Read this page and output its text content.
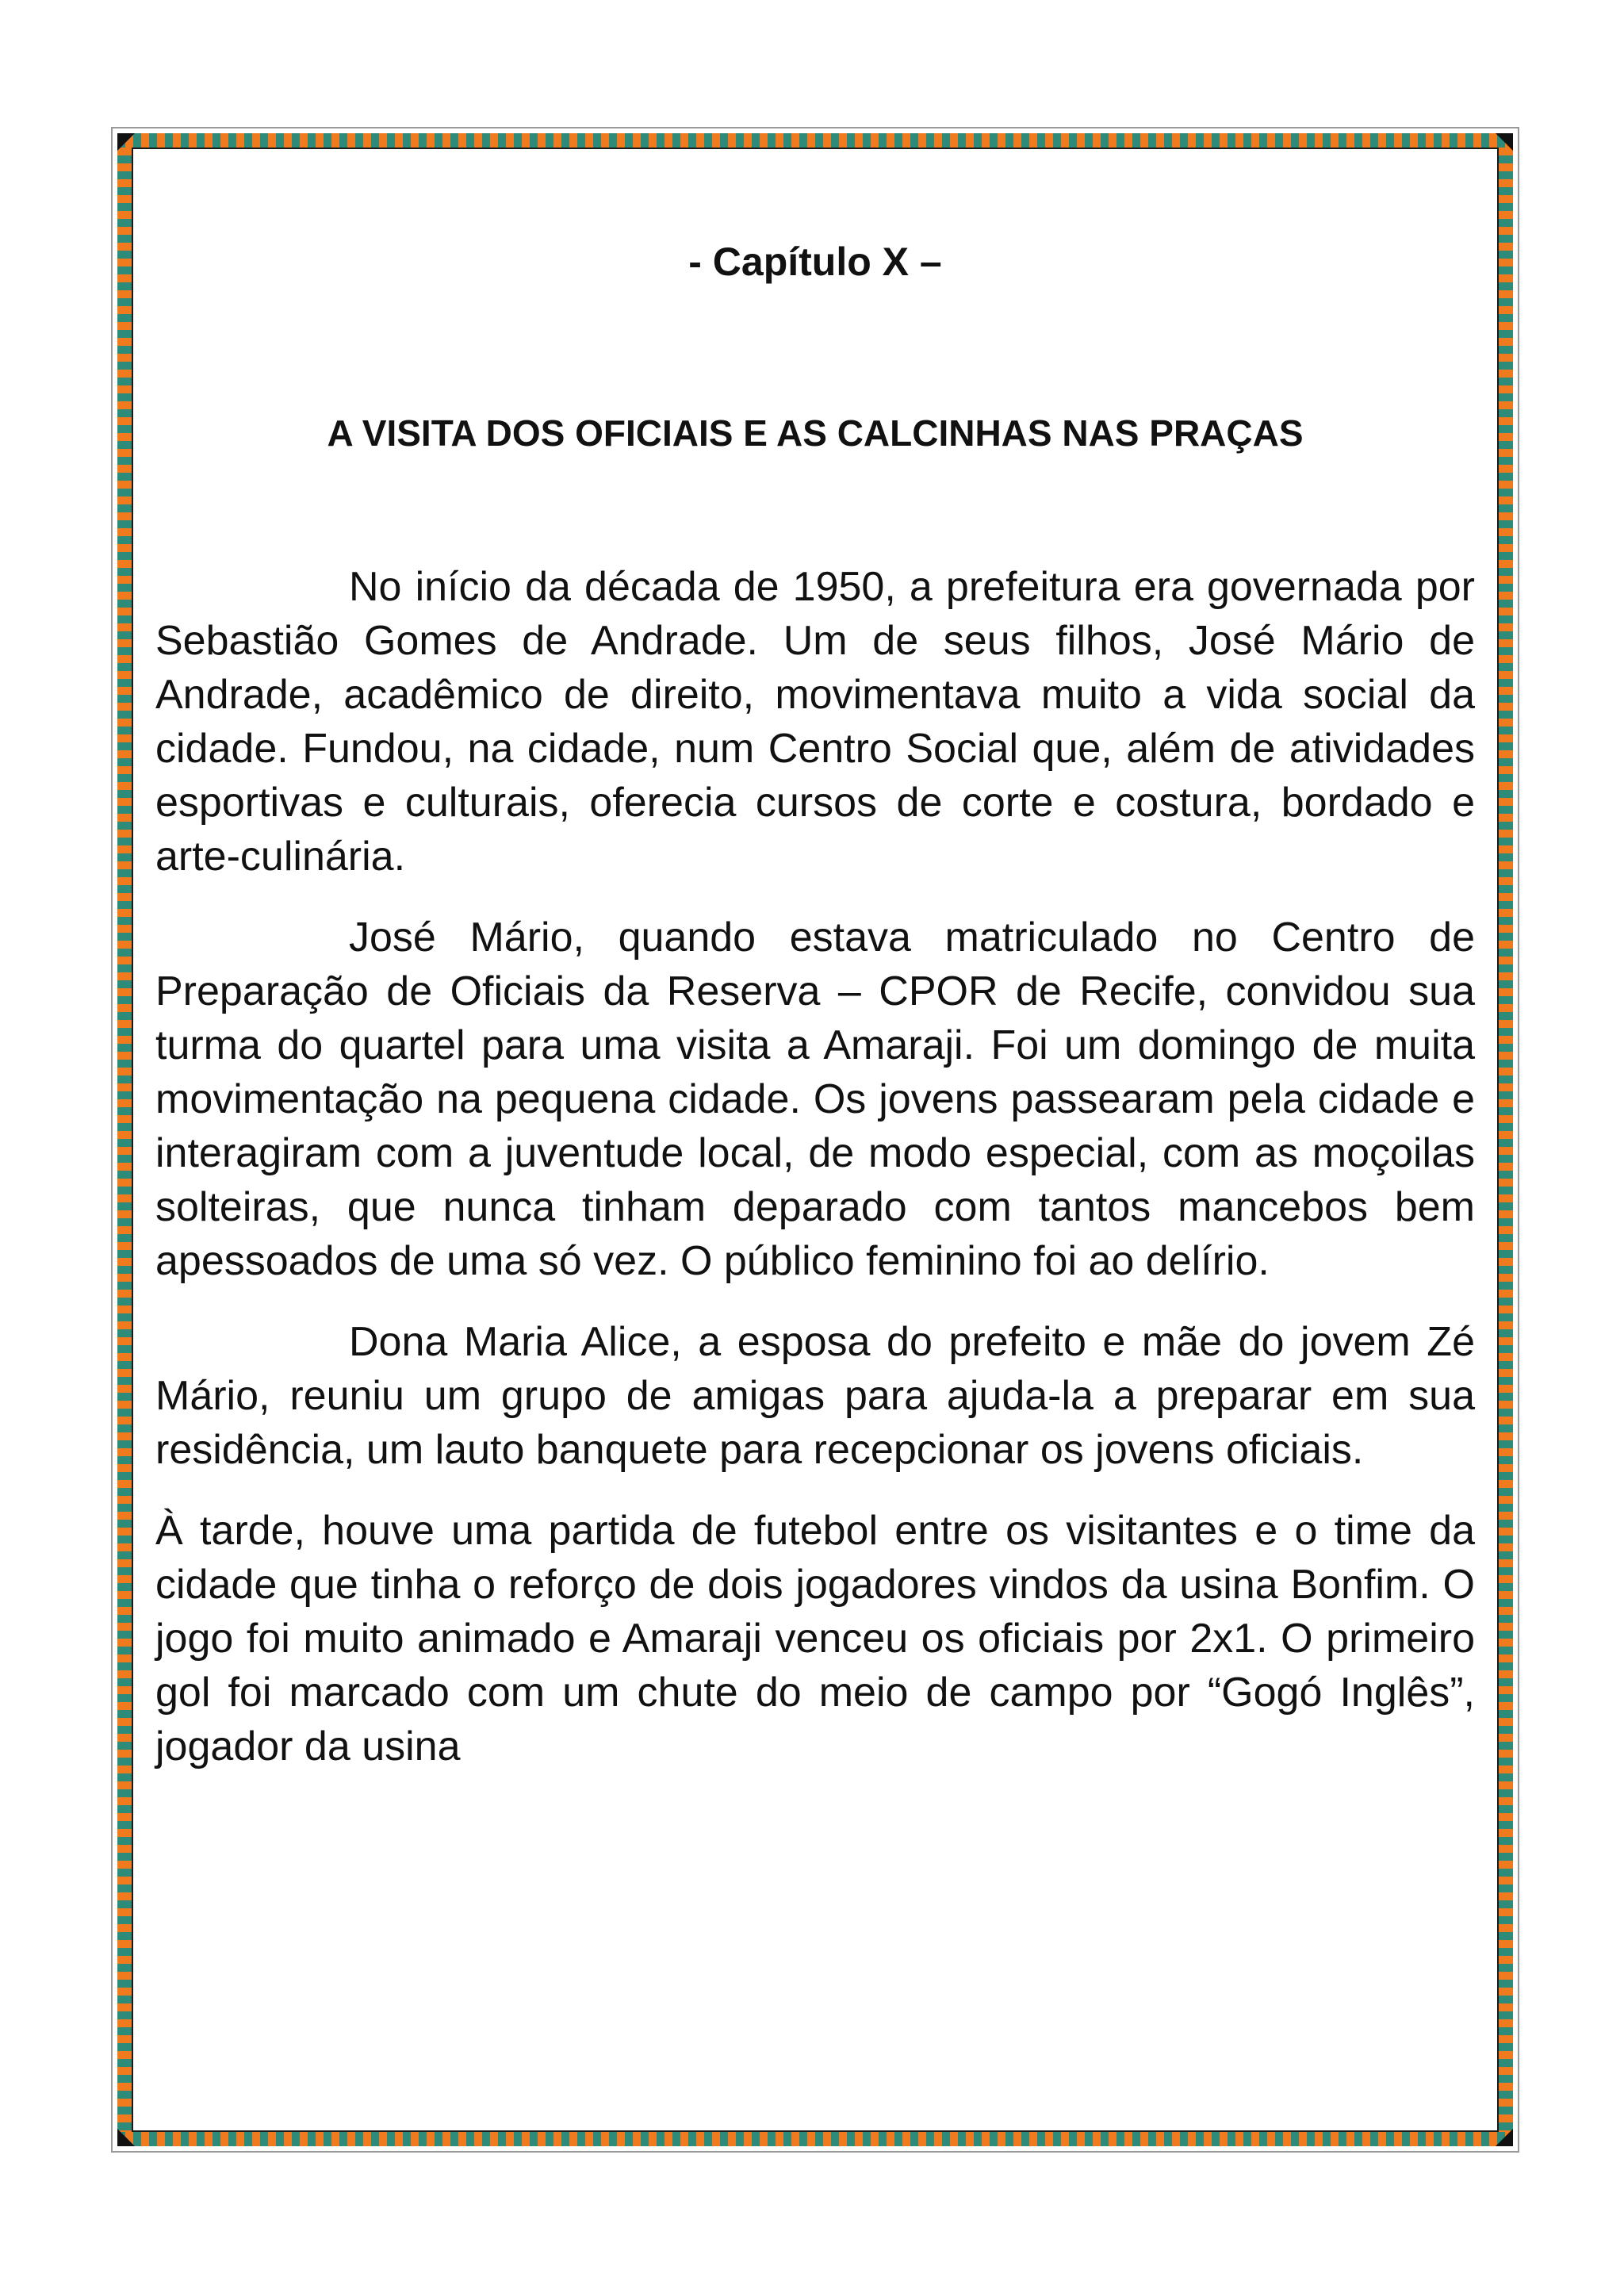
- Capítulo X –
A VISITA DOS OFICIAIS E AS CALCINHAS NAS PRAÇAS

No início da década de 1950, a prefeitura era governada por Sebastião Gomes de Andrade. Um de seus filhos, José Mário de Andrade, acadêmico de direito, movimentava muito a vida social da cidade. Fundou, na cidade, num Centro Social que, além de atividades esportivas e culturais, oferecia cursos de corte e costura, bordado e arte-culinária.

José Mário, quando estava matriculado no Centro de Preparação de Oficiais da Reserva – CPOR de Recife, convidou sua turma do quartel para uma visita a Amaraji. Foi um domingo de muita movimentação na pequena cidade. Os jovens passearam pela cidade e interagiram com a juventude local, de modo especial, com as moçoilas solteiras, que nunca tinham deparado com tantos mancebos bem apessoados de uma só vez. O público feminino foi ao delírio.

Dona Maria Alice, a esposa do prefeito e mãe do jovem Zé Mário, reuniu um grupo de amigas para ajuda-la a preparar em sua residência, um lauto banquete para recepcionar os jovens oficiais.

À tarde, houve uma partida de futebol entre os visitantes e o time da cidade que tinha o reforço de dois jogadores vindos da usina Bonfim. O jogo foi muito animado e Amaraji venceu os oficiais por 2x1. O primeiro gol foi marcado com um chute do meio de campo por “Gogó Inglês”, jogador da usina
